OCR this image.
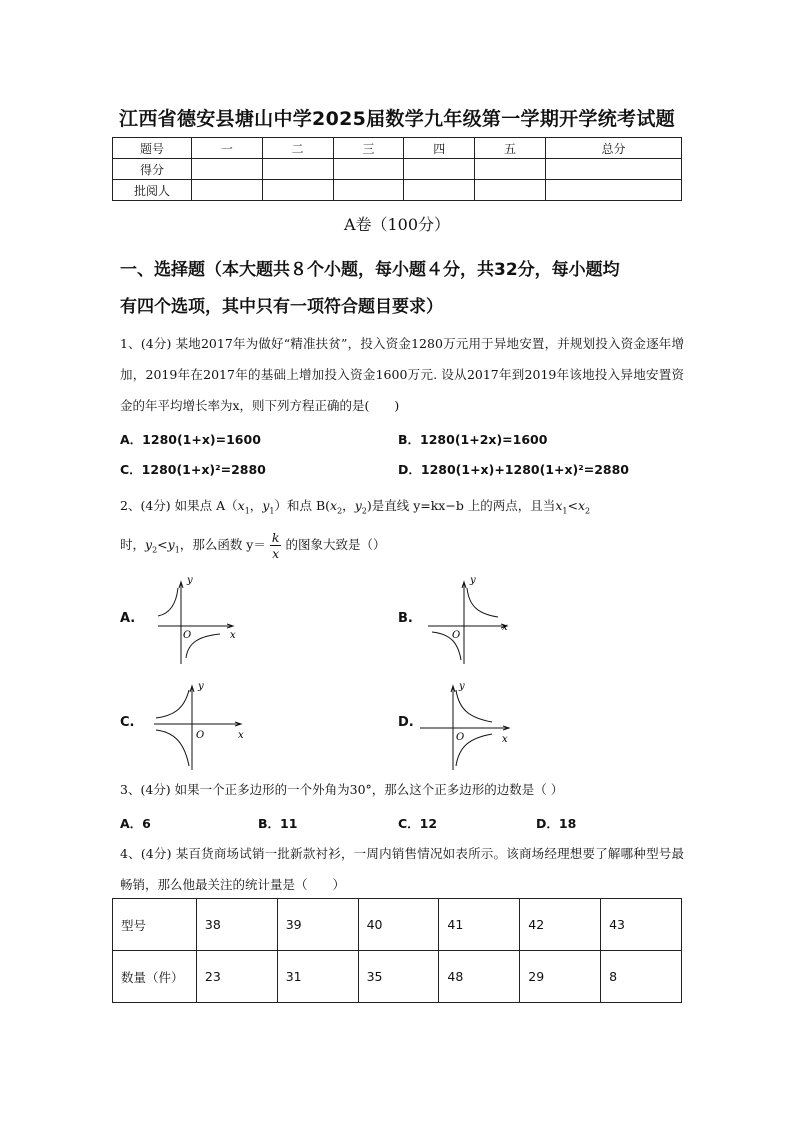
江西省德安县塘山中学2025届数学九年级第一学期开学统考试题
题号	一	二	三	四	五	总分
得分						
批阅人						
A卷（100分）
一、选择题（本大题共８个小题，每小题４分，共32分，每小题均
有四个选项，其中只有一项符合题目要求）
1、(4分) 某地2017年为做好“精准扶贫”，投入资金1280万元用于异地安置，并规划投入资金逐年增加，2019年在2017年的基础上增加投入资金1600万元. 设从2017年到2019年该地投入异地安置资金的年平均增长率为x，则下列方程正确的是(　　)
A．1280(1+x)=1600	B．1280(1+2x)=1600
C．1280(1+x)²=2880	D．1280(1+x)+1280(1+x)²=2880
2、(4分) 如果点 $A(x_1$，$y_1$）和点 $B(x_2$，$y_2$)是直线 y=kx−b 上的两点，且当$x_1<x_2$
时，$y_2<y_1$，那么函数 $y= \frac{k}{x}$ 的图象大致是（）
A.	B.
C.	D.
y
x
O
y
x
O
y
x
O
y
x
O
3、(4分) 如果一个正多边形的一个外角为30°，那么这个正多边形的边数是（ ）
A．6	B．11	C．12	D．18
4、(4分) 某百货商场试销一批新款衬衫，一周内销售情况如表所示。该商场经理想要了解哪种型号最畅销，那么他最关注的统计量是（　　）
型号	38	39	40	41	42	43
数量（件）	23	31	35	48	29	8
